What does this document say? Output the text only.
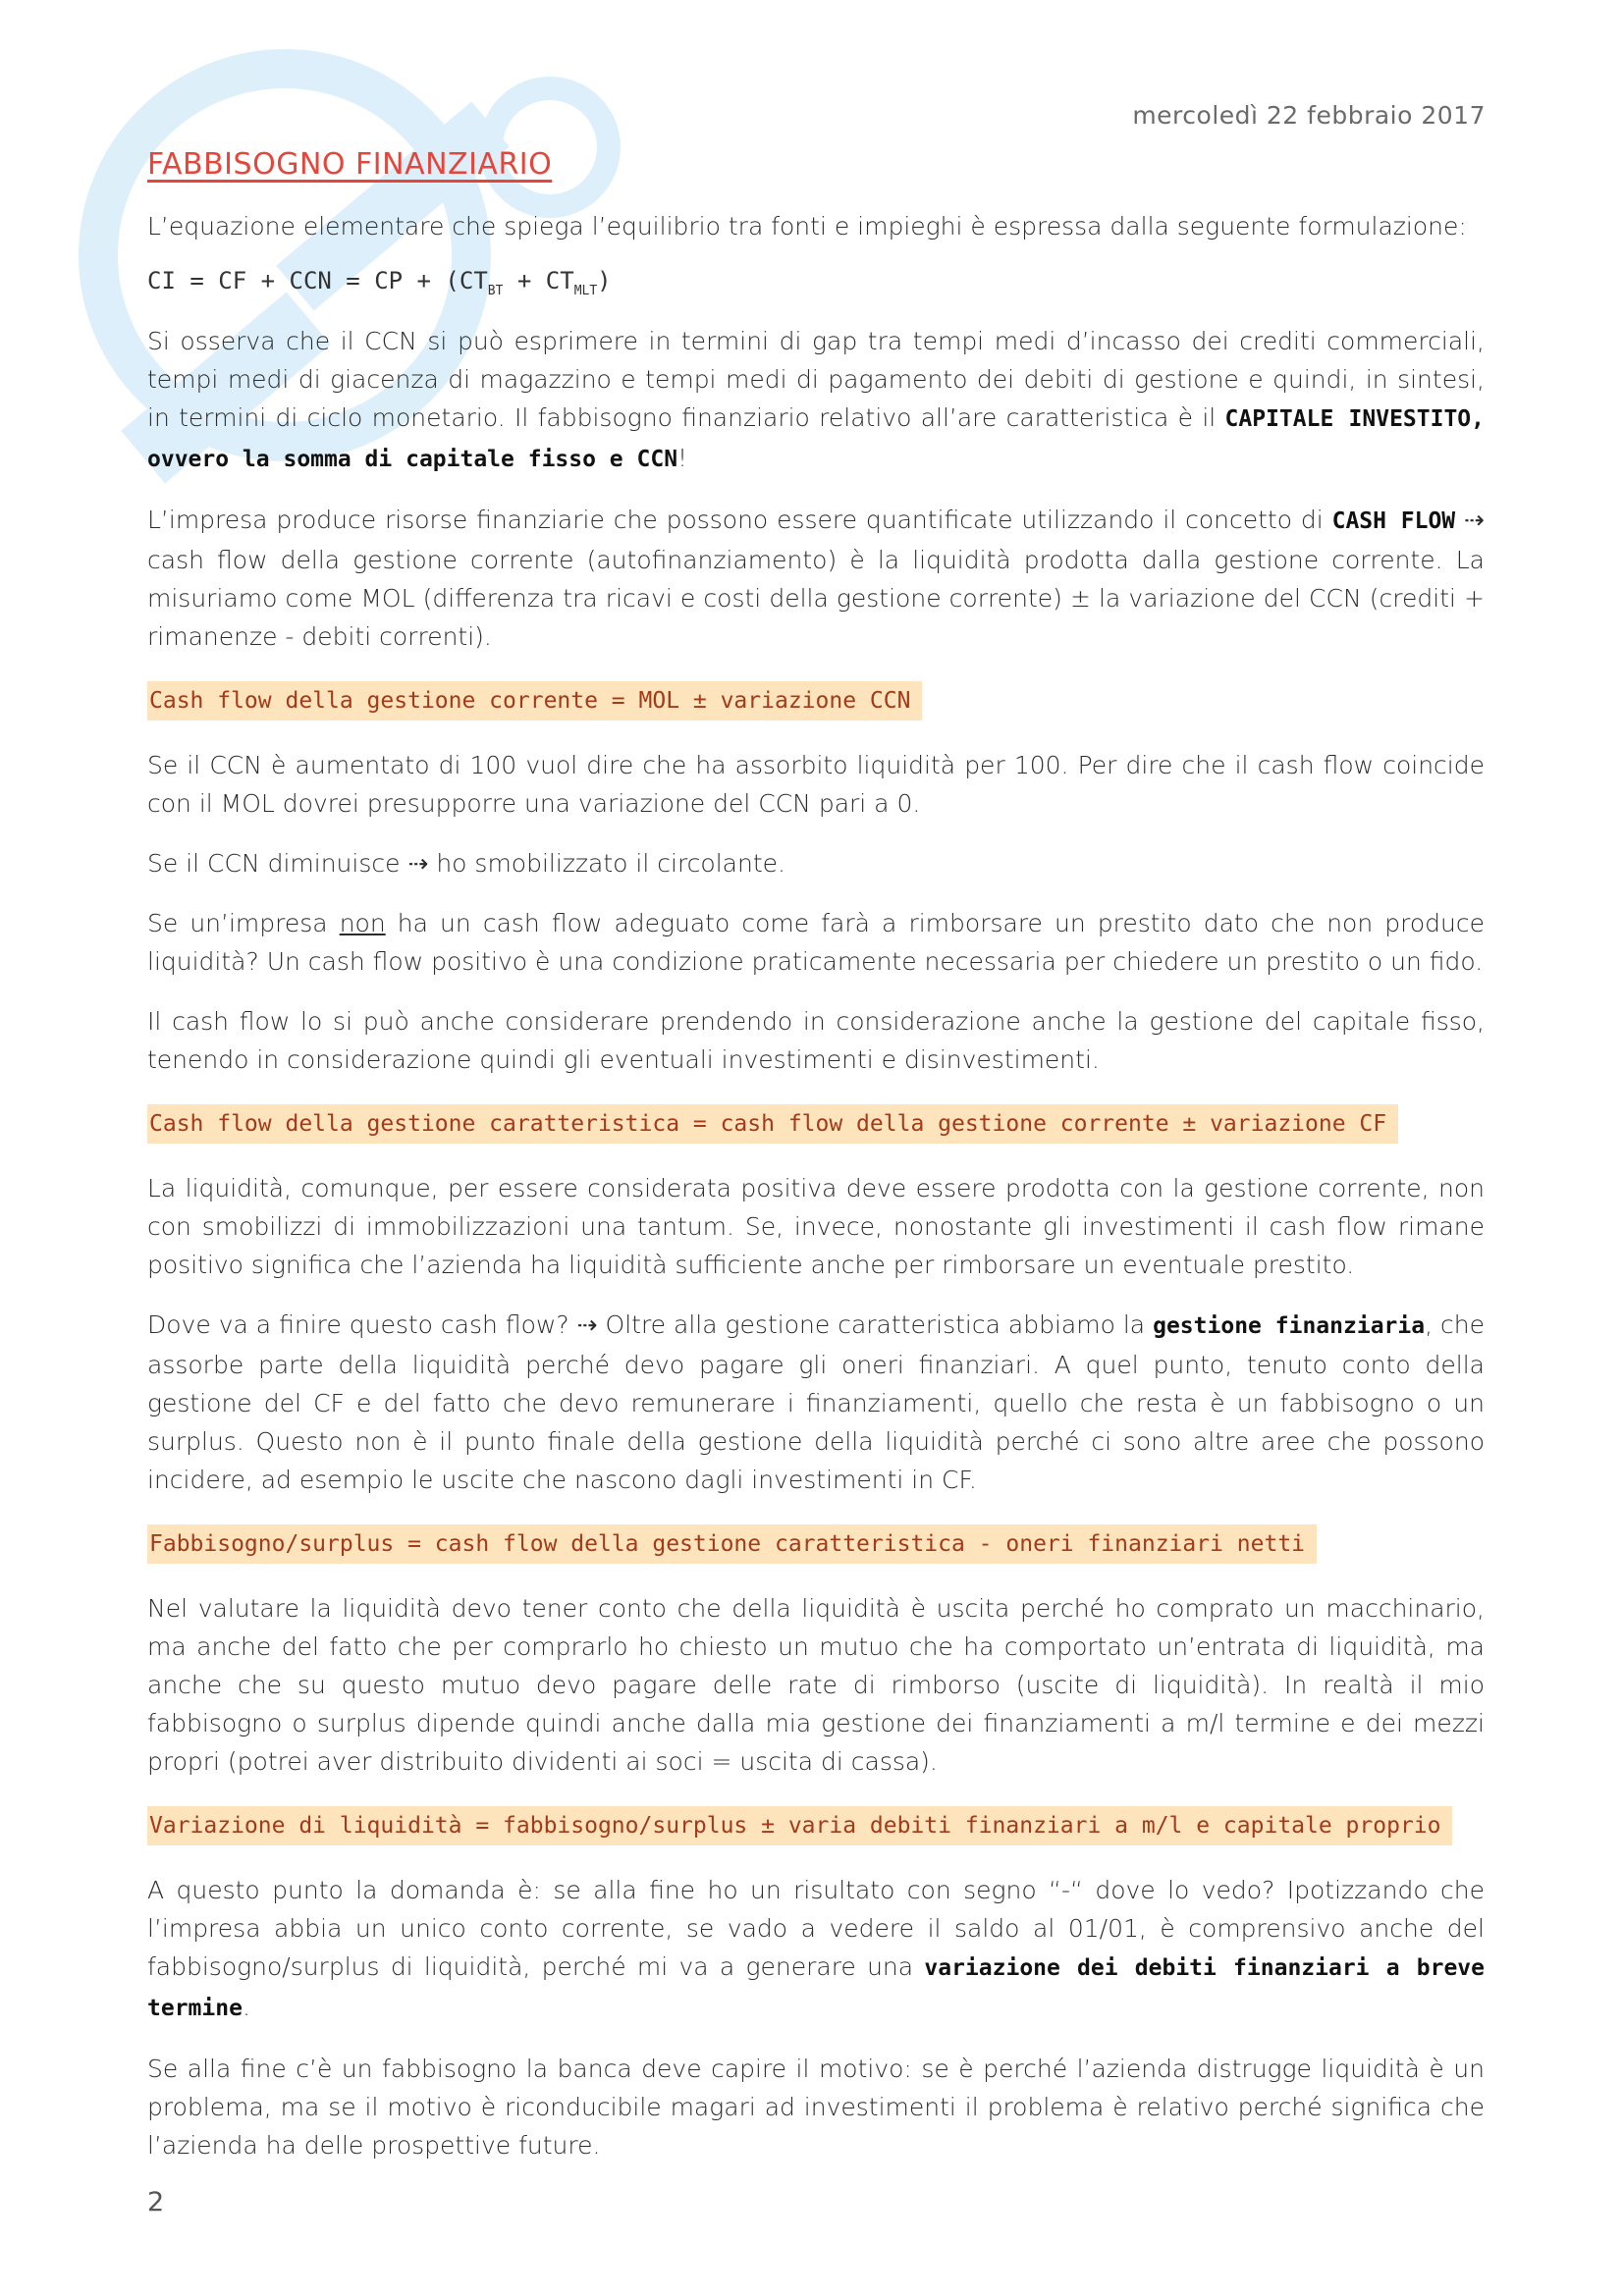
mercoledì 22 febbraio 2017
FABBISOGNO FINANZIARIO

L’equazione elementare che spiega l’equilibrio tra fonti e impieghi è espressa dalla seguente formulazione:

CI = CF + CCN = CP + $(CT_{BT} + CT_{MLT})$

Si osserva che il CCN si può esprimere in termini di gap tra tempi medi d’incasso dei crediti commerciali, tempi medi di giacenza di magazzino e tempi medi di pagamento dei debiti di gestione e quindi, in sintesi, in termini di ciclo monetario. Il fabbisogno finanziario relativo all’are caratteristica è il CAPITALE INVESTITO, ovvero la somma di capitale fisso e CCN!

L’impresa produce risorse finanziarie che possono essere quantificate utilizzando il concetto di CASH FLOW ⇢ cash flow della gestione corrente (autofinanziamento) è la liquidità prodotta dalla gestione corrente. La misuriamo come MOL (differenza tra ricavi e costi della gestione corrente) ± la variazione del CCN (crediti + rimanenze - debiti correnti).

Cash flow della gestione corrente = MOL ± variazione CCN

Se il CCN è aumentato di 100 vuol dire che ha assorbito liquidità per 100. Per dire che il cash flow coincide con il MOL dovrei presupporre una variazione del CCN pari a 0.

Se il CCN diminuisce ⇢ ho smobilizzato il circolante.

Se un’impresa non ha un cash flow adeguato come farà a rimborsare un prestito dato che non produce liquidità? Un cash flow positivo è una condizione praticamente necessaria per chiedere un prestito o un fido.

Il cash flow lo si può anche considerare prendendo in considerazione anche la gestione del capitale fisso, tenendo in considerazione quindi gli eventuali investimenti e disinvestimenti.

Cash flow della gestione caratteristica = cash flow della gestione corrente ± variazione CF

La liquidità, comunque, per essere considerata positiva deve essere prodotta con la gestione corrente, non con smobilizzi di immobilizzazioni una tantum. Se, invece, nonostante gli investimenti il cash flow rimane positivo significa che l’azienda ha liquidità sufficiente anche per rimborsare un eventuale prestito.

Dove va a finire questo cash flow? ⇢ Oltre alla gestione caratteristica abbiamo la gestione finanziaria, che assorbe parte della liquidità perché devo pagare gli oneri finanziari. A quel punto, tenuto conto della gestione del CF e del fatto che devo remunerare i finanziamenti, quello che resta è un fabbisogno o un surplus. Questo non è il punto finale della gestione della liquidità perché ci sono altre aree che possono incidere, ad esempio le uscite che nascono dagli investimenti in CF.

Fabbisogno/surplus = cash flow della gestione caratteristica - oneri finanziari netti

Nel valutare la liquidità devo tener conto che della liquidità è uscita perché ho comprato un macchinario, ma anche del fatto che per comprarlo ho chiesto un mutuo che ha comportato un’entrata di liquidità, ma anche che su questo mutuo devo pagare delle rate di rimborso (uscite di liquidità). In realtà il mio fabbisogno o surplus dipende quindi anche dalla mia gestione dei finanziamenti a m/l termine e dei mezzi propri (potrei aver distribuito dividenti ai soci = uscita di cassa).

Variazione di liquidità = fabbisogno/surplus ± varia debiti finanziari a m/l e capitale proprio

A questo punto la domanda è: se alla fine ho un risultato con segno “-“ dove lo vedo? Ipotizzando che l’impresa abbia un unico conto corrente, se vado a vedere il saldo al 01/01, è comprensivo anche del fabbisogno/surplus di liquidità, perché mi va a generare una variazione dei debiti finanziari a breve termine.

Se alla fine c’è un fabbisogno la banca deve capire il motivo: se è perché l’azienda distrugge liquidità è un problema, ma se il motivo è riconducibile magari ad investimenti il problema è relativo perché significa che l’azienda ha delle prospettive future.

2
